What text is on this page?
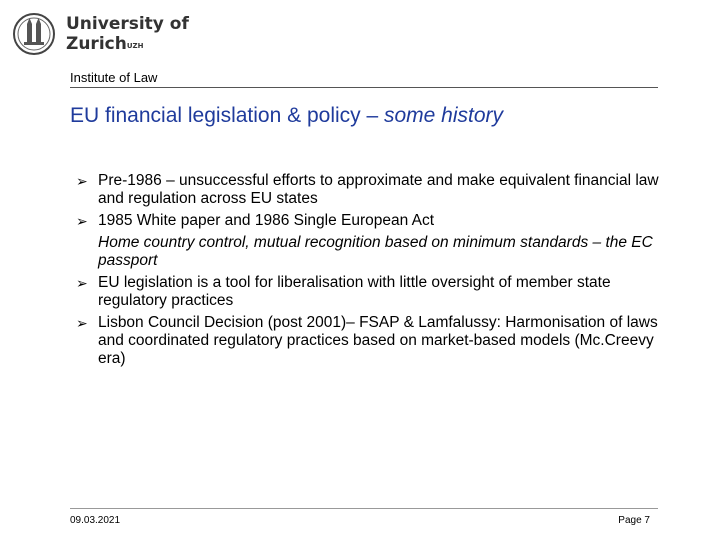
University of
Zurich$^{UZH}$
Institute of Law
EU financial legislation & policy – some history
➢ Pre-1986 – unsuccessful efforts to approximate and make equivalent financial law and regulation across EU states
➢ 1985 White paper and 1986 Single European Act
Home country control, mutual recognition based on minimum standards – the EC passport
➢ EU legislation is a tool for liberalisation with little oversight of member state regulatory practices
➢ Lisbon Council Decision (post 2001)– FSAP & Lamfalussy: Harmonisation of laws and coordinated regulatory practices based on market-based models (Mc.Creevy era)
09.03.2021	Page 7
